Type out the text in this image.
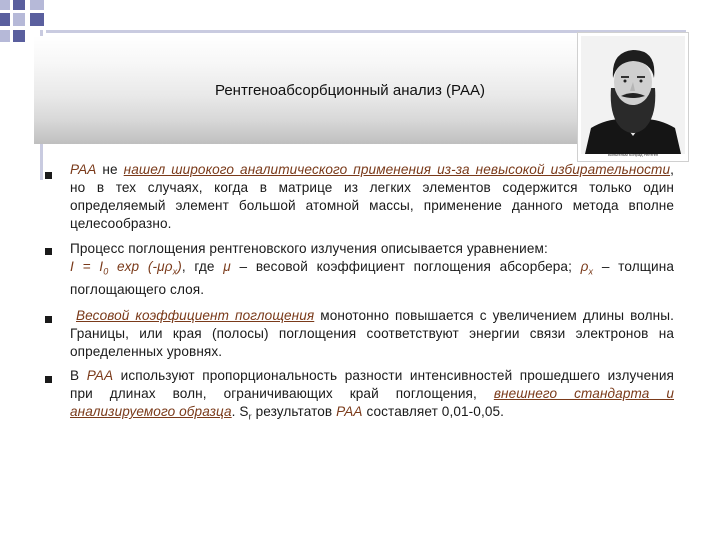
Рентгеноабсорбционный анализ (РАА)
Вильгельм Конрад Рентген
РАА не нашел широкого аналитического применения из-за невысокой избирательности, но в тех случаях, когда в матрице из легких элементов содержится только один определяемый элемент большой атомной массы, применение данного метода вполне целесообразно.
Процесс поглощения рентгеновского излучения описывается уравнением:
$I = I_0$ $\exp (-\mu\rho_x)$, где μ – весовой коэффициент поглощения абсорбера; $\rho_x$ – толщина поглощающего слоя.
Весовой коэффициент поглощения монотонно повышается с увеличением длины волны. Границы, или края (полосы) поглощения соответствуют энергии связи электронов на определенных уровнях.
В РАА используют пропорциональность разности интенсивностей прошедшего излучения при длинах волн, ограничивающих край поглощения, внешнего стандарта и анализируемого образца. $S_r$ результатов РАА составляет 0,01-0,05.
